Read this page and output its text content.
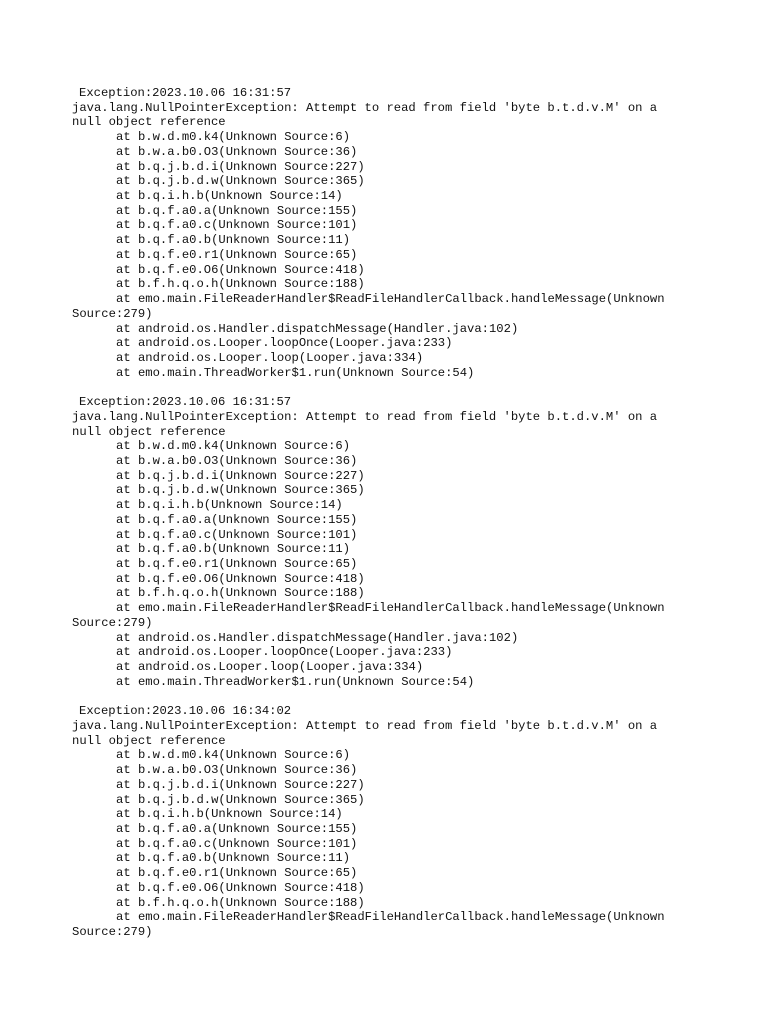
Exception:2023.10.06 16:31:57
java.lang.NullPointerException: Attempt to read from field 'byte b.t.d.v.M' on a
null object reference
at b.w.d.m0.k4(Unknown Source:6)
at b.w.a.b0.O3(Unknown Source:36)
at b.q.j.b.d.i(Unknown Source:227)
at b.q.j.b.d.w(Unknown Source:365)
at b.q.i.h.b(Unknown Source:14)
at b.q.f.a0.a(Unknown Source:155)
at b.q.f.a0.c(Unknown Source:101)
at b.q.f.a0.b(Unknown Source:11)
at b.q.f.e0.r1(Unknown Source:65)
at b.q.f.e0.O6(Unknown Source:418)
at b.f.h.q.o.h(Unknown Source:188)
at emo.main.FileReaderHandler$ReadFileHandlerCallback.handleMessage(Unknown
Source:279)
at android.os.Handler.dispatchMessage(Handler.java:102)
at android.os.Looper.loopOnce(Looper.java:233)
at android.os.Looper.loop(Looper.java:334)
at emo.main.ThreadWorker$1.run(Unknown Source:54)
Exception:2023.10.06 16:31:57
java.lang.NullPointerException: Attempt to read from field 'byte b.t.d.v.M' on a
null object reference
at b.w.d.m0.k4(Unknown Source:6)
at b.w.a.b0.O3(Unknown Source:36)
at b.q.j.b.d.i(Unknown Source:227)
at b.q.j.b.d.w(Unknown Source:365)
at b.q.i.h.b(Unknown Source:14)
at b.q.f.a0.a(Unknown Source:155)
at b.q.f.a0.c(Unknown Source:101)
at b.q.f.a0.b(Unknown Source:11)
at b.q.f.e0.r1(Unknown Source:65)
at b.q.f.e0.O6(Unknown Source:418)
at b.f.h.q.o.h(Unknown Source:188)
at emo.main.FileReaderHandler$ReadFileHandlerCallback.handleMessage(Unknown
Source:279)
at android.os.Handler.dispatchMessage(Handler.java:102)
at android.os.Looper.loopOnce(Looper.java:233)
at android.os.Looper.loop(Looper.java:334)
at emo.main.ThreadWorker$1.run(Unknown Source:54)
Exception:2023.10.06 16:34:02
java.lang.NullPointerException: Attempt to read from field 'byte b.t.d.v.M' on a
null object reference
at b.w.d.m0.k4(Unknown Source:6)
at b.w.a.b0.O3(Unknown Source:36)
at b.q.j.b.d.i(Unknown Source:227)
at b.q.j.b.d.w(Unknown Source:365)
at b.q.i.h.b(Unknown Source:14)
at b.q.f.a0.a(Unknown Source:155)
at b.q.f.a0.c(Unknown Source:101)
at b.q.f.a0.b(Unknown Source:11)
at b.q.f.e0.r1(Unknown Source:65)
at b.q.f.e0.O6(Unknown Source:418)
at b.f.h.q.o.h(Unknown Source:188)
at emo.main.FileReaderHandler$ReadFileHandlerCallback.handleMessage(Unknown
Source:279)
